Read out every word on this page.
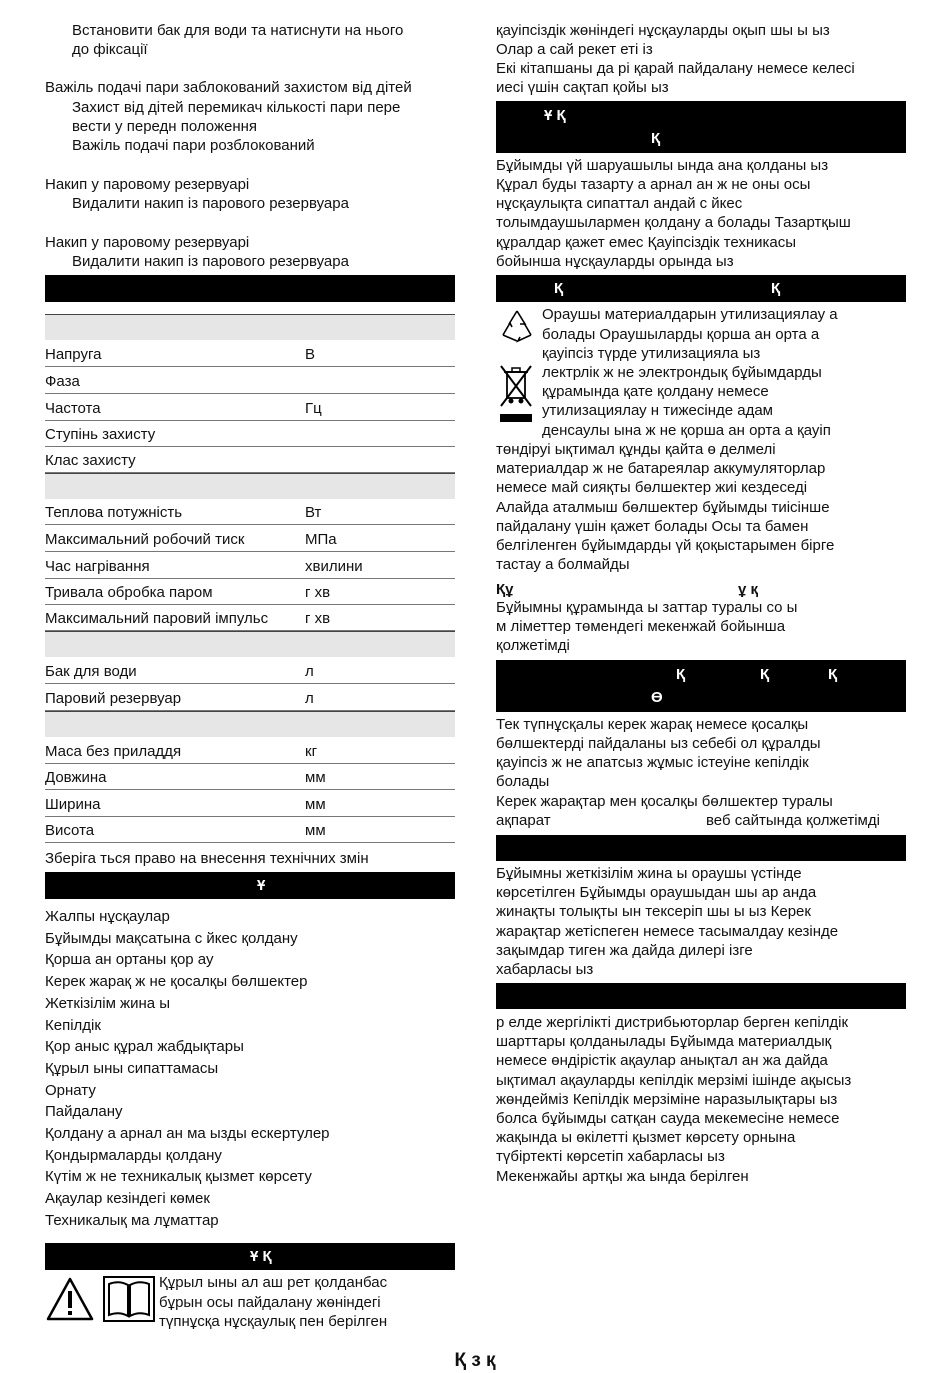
Встановити бак для води та натиснути на нього
до фіксації
Важіль подачі пари заблокований захистом від дітей
Захист від дітей перемикач кількості пари пере
вести у передн положення
Важіль подачі пари розблокований
Накип у паровому резервуарі
Видалити накип із парового резервуара
Накип у паровому резервуарі
Видалити накип із парового резервуара
Напруга	В
Фаза
Частота	Гц
Ступінь захисту
Клас захисту
Теплова потужність	Вт
Максимальний робочий тиск	МПа
Час нагрівання	хвилини
Тривала обробка паром	г хв
Максимальний паровий імпульс г хв
Бак для води	л
Паровий резервуар	л
Маса без приладдя	кг
Довжина	мм
Ширина	мм
Висота	мм
Зберіга ться право на внесення технічних змін
Ұ
Жалпы нұсқаулар
Бұйымды мақсатына с йкес қолдану
Қорша ан ортаны қор ау
Керек жарақ ж не қосалқы бөлшектер
Жеткізілім жина ы
Кепілдік
Қор аныс құрал жабдықтары
Құрыл ыны сипаттамасы
Орнату
Пайдалану
Қолдану а арнал ан ма ызды ескертулер
Қондырмаларды қолдану
Күтім ж не техникалық қызмет көрсету
Ақаулар кезіндегі көмек
Техникалық ма лұматтар
Ұ Қ
Құрыл ыны ал аш рет қолданбас
бұрын осы пайдалану жөніндегі
түпнұсқа нұсқаулық пен берілген
қауіпсіздік жөніндегі нұсқауларды оқып шы ы ыз
Олар а сай рекет еті із
Екі кітапшаны да рі қарай пайдалану немесе келесі
иесі үшін сақтап қойы ыз
Ұ Қ
Қ
Бұйымды үй шаруашылы ында ана қолданы ыз
Құрал буды тазарту а арнал ан ж не оны осы
нұсқаулықта сипаттал андай с йкес
толымдаушылармен қолдану а болады Тазартқыш
құралдар қажет емес Қауіпсіздік техникасы
бойынша нұсқауларды орында ыз
Қ	Қ
Ораушы материалдарын утилизациялау а
болады Ораушыларды қорша ан орта а
қауіпсіз түрде утилизацияла ыз
лектрлік ж не электрондық бұйымдарды
құрамында қате қолдану немесе
утилизациялау н тижесінде адам
денсаулы ына ж не қорша ан орта а қауіп
төндіруі ықтимал құнды қайта ө делмелі
материалдар ж не батареялар аккумуляторлар
немесе май сияқты бөлшектер жиі кездеседі
Алайда аталмыш бөлшектер бұйымды тиісінше
пайдалану үшін қажет болады Осы та бамен
белгіленген бұйымдарды үй қоқыстарымен бірге
тастау а болмайды
Құ	ұ қ
Бұйымны құрамында ы заттар туралы со ы
м ліметтер төмендегі мекенжай бойынша
қолжетімді
Қ	Қ	Қ
Ө
Тек түпнұсқалы керек жарақ немесе қосалқы
бөлшектерді пайдаланы ыз себебі ол құралды
қауіпсіз ж не апатсыз жұмыс істеуіне кепілдік
болады
Керек жарақтар мен қосалқы бөлшектер туралы
ақпарат	веб сайтында қолжетімді
Бұйымны жеткізілім жина ы ораушы үстінде
көрсетілген Бұйымды ораушыдан шы ар анда
жинақты толықты ын тексеріп шы ы ыз Керек
жарақтар жетіспеген немесе тасымалдау кезінде
зақымдар тиген жа дайда дилері ізге
хабарласы ыз
р елде жергілікті дистрибьюторлар берген кепілдік
шарттары қолданылады Бұйымда материалдық
немесе өндірістік ақаулар анықтал ан жа дайда
ықтимал ақауларды кепілдік мерзімі ішінде ақысыз
жөндейміз Кепілдік мерзіміне наразылықтары ыз
болса бұйымды сатқан сауда мекемесіне немесе
жақында ы өкілетті қызмет көрсету орнына
түбіртекті көрсетіп хабарласы ыз
Мекенжайы артқы жа ында берілген
Қ з қ
